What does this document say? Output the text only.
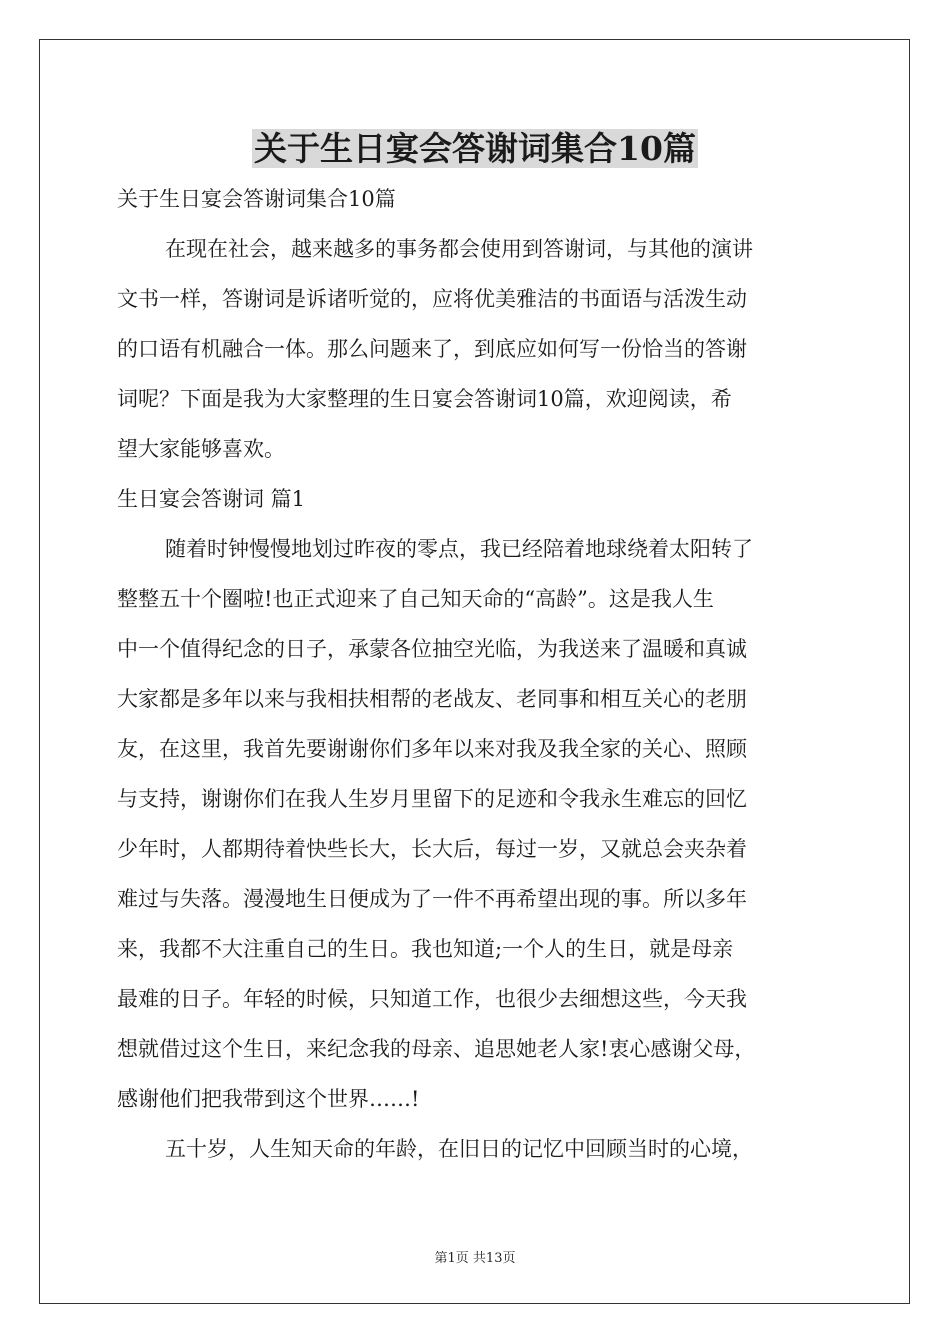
关于生日宴会答谢词集合10篇

关于生日宴会答谢词集合10篇

在现在社会，越来越多的事务都会使用到答谢词，与其他的演讲

文书一样，答谢词是诉诸听觉的，应将优美雅洁的书面语与活泼生动

的口语有机融合一体。那么问题来了，到底应如何写一份恰当的答谢

词呢？下面是我为大家整理的生日宴会答谢词10篇，欢迎阅读，希

望大家能够喜欢。

生日宴会答谢词 篇1

随着时钟慢慢地划过昨夜的零点，我已经陪着地球绕着太阳转了

整整五十个圈啦!也正式迎来了自己知天命的“高龄”。这是我人生

中一个值得纪念的日子，承蒙各位抽空光临，为我送来了温暖和真诚

大家都是多年以来与我相扶相帮的老战友、老同事和相互关心的老朋

友，在这里，我首先要谢谢你们多年以来对我及我全家的关心、照顾

与支持，谢谢你们在我人生岁月里留下的足迹和令我永生难忘的回忆

少年时，人都期待着快些长大，长大后，每过一岁，又就总会夹杂着

难过与失落。漫漫地生日便成为了一件不再希望出现的事。所以多年

来，我都不大注重自己的生日。我也知道;一个人的生日，就是母亲

最难的日子。年轻的时候，只知道工作，也很少去细想这些，今天我

想就借过这个生日，来纪念我的母亲、追思她老人家!衷心感谢父母，

感谢他们把我带到这个世界……!

五十岁，人生知天命的年龄，在旧日的记忆中回顾当时的心境，

第1页 共13页
